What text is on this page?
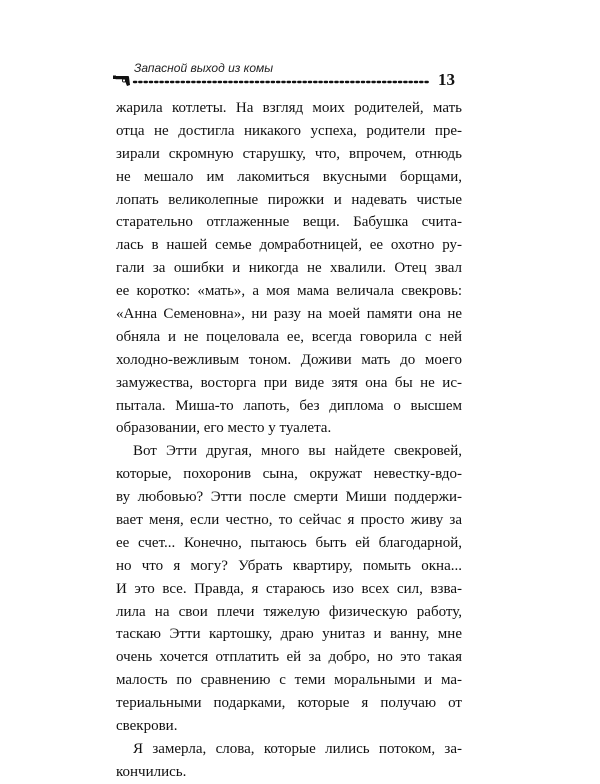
Запасной выход из комы
13
жарила котлеты. На взгляд моих родителей, мать
отца не достигла никакого успеха, родители пре-
зирали скромную старушку, что, впрочем, отнюдь
не мешало им лакомиться вкусными борщами,
лопать великолепные пирожки и надевать чистые
старательно отглаженные вещи. Бабушка счита-
лась в нашей семье домработницей, ее охотно ру-
гали за ошибки и никогда не хвалили. Отец звал
ее коротко: «мать», а моя мама величала свекровь:
«Анна Семеновна», ни разу на моей памяти она не
обняла и не поцеловала ее, всегда говорила с ней
холодно-вежливым тоном. Доживи мать до моего
замужества, восторга при виде зятя она бы не ис-
пытала. Миша-то лапоть, без диплома о высшем
образовании, его место у туалета.
Вот Этти другая, много вы найдете свекровей,
которые, похоронив сына, окружат невестку-вдо-
ву любовью? Этти после смерти Миши поддержи-
вает меня, если честно, то сейчас я просто живу за
ее счет... Конечно, пытаюсь быть ей благодарной,
но что я могу? Убрать квартиру, помыть окна...
И это все. Правда, я стараюсь изо всех сил, взва-
лила на свои плечи тяжелую физическую работу,
таскаю Этти картошку, драю унитаз и ванну, мне
очень хочется отплатить ей за добро, но это такая
малость по сравнению с теми моральными и ма-
териальными подарками, которые я получаю от
свекрови.
Я замерла, слова, которые лились потоком, за-
кончились.
